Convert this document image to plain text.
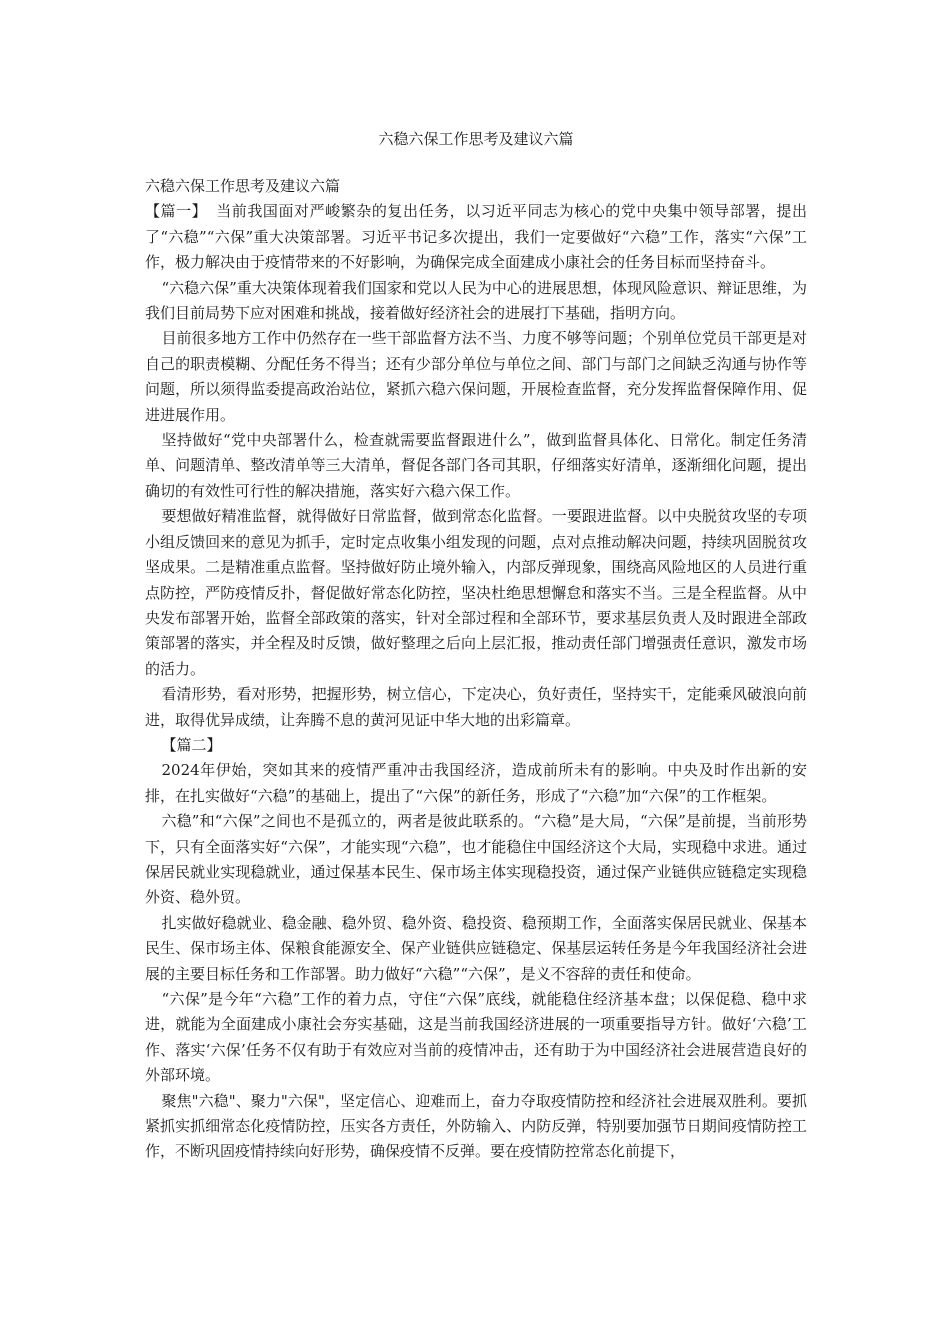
六稳六保工作思考及建议六篇

六稳六保工作思考及建议六篇

【篇一】 当前我国面对严峻繁杂的复出任务，以习近平同志为核心的党中央集中领导部署，提出了“六稳”“六保”重大决策部署。习近平书记多次提出，我们一定要做好“六稳”工作，落实“六保”工作，极力解决由于疫情带来的不好影响，为确保完成全面建成小康社会的任务目标而坚持奋斗。

“六稳六保”重大决策体现着我们国家和党以人民为中心的进展思想，体现风险意识、辩证思维，为我们目前局势下应对困难和挑战，接着做好经济社会的进展打下基础，指明方向。

目前很多地方工作中仍然存在一些干部监督方法不当、力度不够等问题；个别单位党员干部更是对自己的职责模糊、分配任务不得当；还有少部分单位与单位之间、部门与部门之间缺乏沟通与协作等问题，所以须得监委提高政治站位，紧抓六稳六保问题，开展检查监督，充分发挥监督保障作用、促进进展作用。

坚持做好“党中央部署什么，检查就需要监督跟进什么”，做到监督具体化、日常化。制定任务清单、问题清单、整改清单等三大清单，督促各部门各司其职，仔细落实好清单，逐渐细化问题，提出确切的有效性可行性的解决措施，落实好六稳六保工作。

要想做好精准监督，就得做好日常监督，做到常态化监督。一要跟进监督。以中央脱贫攻坚的专项小组反馈回来的意见为抓手，定时定点收集小组发现的问题，点对点推动解决问题，持续巩固脱贫攻坚成果。二是精准重点监督。坚持做好防止境外输入，内部反弹现象，围绕高风险地区的人员进行重点防控，严防疫情反扑，督促做好常态化防控，坚决杜绝思想懈怠和落实不当。三是全程监督。从中央发布部署开始，监督全部政策的落实，针对全部过程和全部环节，要求基层负责人及时跟进全部政策部署的落实，并全程及时反馈，做好整理之后向上层汇报，推动责任部门增强责任意识，激发市场的活力。

看清形势，看对形势，把握形势，树立信心，下定决心，负好责任，坚持实干，定能乘风破浪向前进，取得优异成绩，让奔腾不息的黄河见证中华大地的出彩篇章。

【篇二】

2024年伊始，突如其来的疫情严重冲击我国经济，造成前所未有的影响。中央及时作出新的安排，在扎实做好“六稳”的基础上，提出了“六保”的新任务，形成了“六稳”加“六保”的工作框架。

六稳”和“六保”之间也不是孤立的，两者是彼此联系的。“六稳”是大局，“六保”是前提，当前形势下，只有全面落实好“六保”，才能实现“六稳”，也才能稳住中国经济这个大局，实现稳中求进。通过保居民就业实现稳就业，通过保基本民生、保市场主体实现稳投资，通过保产业链供应链稳定实现稳外资、稳外贸。

扎实做好稳就业、稳金融、稳外贸、稳外资、稳投资、稳预期工作，全面落实保居民就业、保基本民生、保市场主体、保粮食能源安全、保产业链供应链稳定、保基层运转任务是今年我国经济社会进展的主要目标任务和工作部署。助力做好“六稳”“六保”，是义不容辞的责任和使命。

“六保”是今年“六稳”工作的着力点，守住“六保”底线，就能稳住经济基本盘；以保促稳、稳中求进，就能为全面建成小康社会夯实基础，这是当前我国经济进展的一项重要指导方针。做好‘六稳’工作、落实‘六保’任务不仅有助于有效应对当前的疫情冲击，还有助于为中国经济社会进展营造良好的外部环境。

聚焦"六稳"、聚力"六保"，坚定信心、迎难而上，奋力夺取疫情防控和经济社会进展双胜利。要抓紧抓实抓细常态化疫情防控，压实各方责任，外防输入、内防反弹，特别要加强节日期间疫情防控工作，不断巩固疫情持续向好形势，确保疫情不反弹。要在疫情防控常态化前提下，
